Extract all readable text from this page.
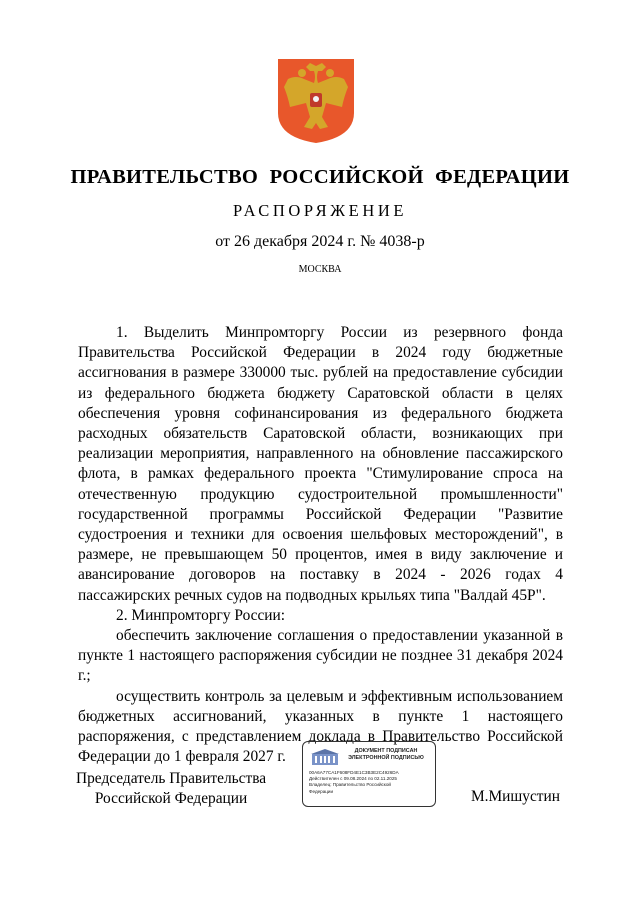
ПРАВИТЕЛЬСТВО РОССИЙСКОЙ ФЕДЕРАЦИИ
РАСПОРЯЖЕНИЕ
от 26 декабря 2024 г. № 4038-р
МОСКВА

1. Выделить Минпромторгу России из резервного фонда Правительства Российской Федерации в 2024 году бюджетные ассигнования в размере 330000 тыс. рублей на предоставление субсидии из федерального бюджета бюджету Саратовской области в целях обеспечения уровня софинансирования из федерального бюджета расходных обязательств Саратовской области, возникающих при реализации мероприятия, направленного на обновление пассажирского флота, в рамках федерального проекта "Стимулирование спроса на отечественную продукцию судостроительной промышленности" государственной программы Российской Федерации "Развитие судостроения и техники для освоения шельфовых месторождений", в размере, не превышающем 50 процентов, имея в виду заключение и авансирование договоров на поставку в 2024 - 2026 годах 4 пассажирских речных судов на подводных крыльях типа "Валдай 45Р".

2. Минпромторгу России:

обеспечить заключение соглашения о предоставлении указанной в пункте 1 настоящего распоряжения субсидии не позднее 31 декабря 2024 г.;

осуществить контроль за целевым и эффективным использованием бюджетных ассигнований, указанных в пункте 1 настоящего распоряжения, с представлением доклада в Правительство Российской Федерации до 1 февраля 2027 г.

Председатель Правительства
Российской Федерации
ДОКУМЕНТ ПОДПИСАН
ЭЛЕКТРОННОЙ ПОДПИСЬЮ
00A6A77CA1F608FD4E1C3B3E2C4926DA
Действителен с 09.08.2024 по 02.11.2025
Владелец: Правительство Российской
Федерации	М.Мишустин
